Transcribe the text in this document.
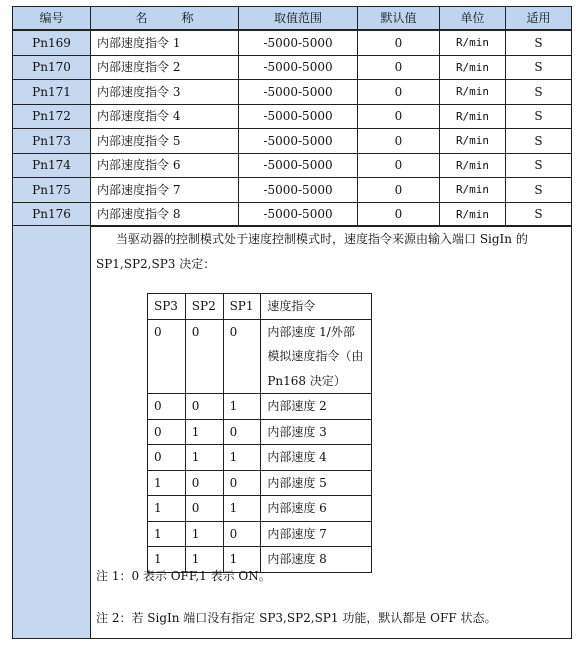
编号	名	称	取值范围	默认值	单位	适用
Pn169 内部速度指令 1	-5000-5000	0	R/min	S
Pn170 内部速度指令 2	-5000-5000	0	R/min	S
Pn171 内部速度指令 3	-5000-5000	0	R/min	S
Pn172 内部速度指令 4	-5000-5000	0	R/min	S
Pn173 内部速度指令 5	-5000-5000	0	R/min	S
Pn174 内部速度指令 6	-5000-5000	0	R/min	S
Pn175 内部速度指令 7	-5000-5000	0	R/min	S
Pn176 内部速度指令 8	-5000-5000	0	R/min	S
当驱动器的控制模式处于速度控制模式时，速度指令来源由输入端口 SigIn 的
SP1,SP2,SP3 决定：
SP3	SP2	SP1	速度指令

0	0	0	内部速度 1/外部
模拟速度指令（由
Pn168 决定）

0	0	1	内部速度 2

0	1	0	内部速度 3

0	1	1	内部速度 4

1	0	0	内部速度 5

1	0	1	内部速度 6

1	1	0	内部速度 7

1	1	1	内部速度 8
注 1：0 表示 OFF,1 表示 ON。
注 2：若 SigIn 端口没有指定 SP3,SP2,SP1 功能，默认都是 OFF 状态。
